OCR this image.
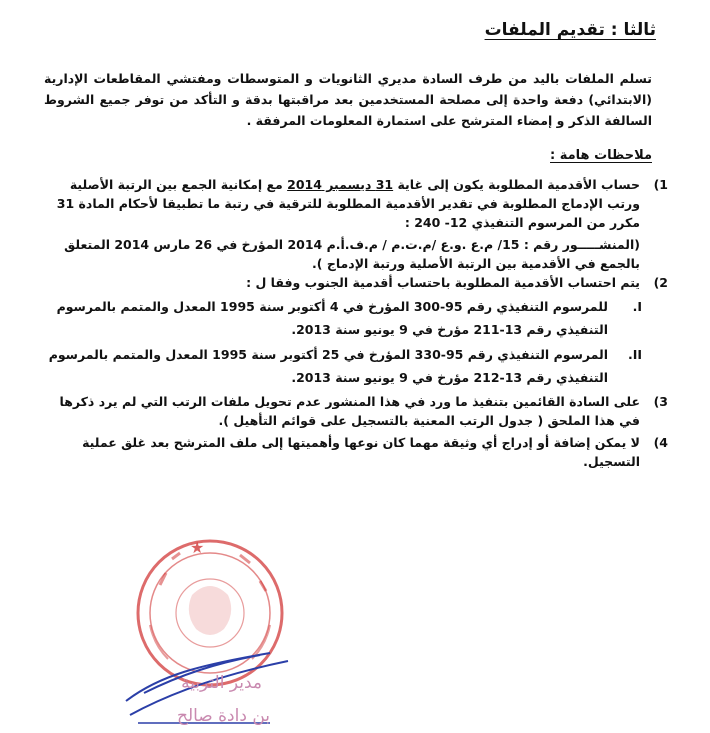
ثالثا : تقديم الملفات
تسلم الملفات باليد من طرف السادة مديري الثانويات و المتوسطات ومفتشي المقاطعات الإدارية (الابتدائي) دفعة واحدة إلى مصلحة المستخدمين بعد مراقبتها بدقة و التأكد من توفر جميع الشروط السالفة الذكر و إمضاء المترشح على استمارة المعلومات المرفقة .
ملاحظات هامة :
1)
حساب الأقدمية المطلوبة يكون إلى غاية 31 ديسمبر 2014 مع إمكانية الجمع بين الرتبة الأصلية ورتب الإدماج المطلوبة في تقدير الأقدمية المطلوبة للترقية في رتبة ما تطبيقا لأحكام المادة 31 مكرر من المرسوم التنفيذي 12- 240 :
(المنشـــــور رقم : 15/ م.ع .و.ع /م.ت.م / م.ف.أ.م 2014 المؤرخ في 26 مارس 2014 المتعلق بالجمع في الأقدمية بين الرتبة الأصلية ورتبة الإدماج ).
2)
يتم احتساب الأقدمية المطلوبة باحتساب أقدمية الجنوب وفقا ل :
I.
للمرسوم التنفيذي رقم 95-300 المؤرخ في 4 أكتوبر سنة 1995 المعدل والمتمم بالمرسوم التنفيذي رقم 13-211 مؤرخ في 9 يونيو سنة 2013.
II.
المرسوم التنفيذي رقم 95-330 المؤرخ في 25 أكتوبر سنة 1995 المعدل والمتمم بالمرسوم التنفيذي رقم 13-212 مؤرخ في 9 يونيو سنة 2013.
3)
على السادة القائمين بتنفيذ ما ورد في هذا المنشور عدم تحويل ملفات الرتب التي لم يرد ذكرها في هذا الملحق ( جدول الرتب المعنية بالتسجيل على قوائم التأهيل ).
4)
لا يمكن إضافة أو إدراج أي وثيقة مهما كان نوعها وأهميتها إلى ملف المترشح بعد غلق عملية التسجيل.
★
مدير التربية
بن دادة صالح
